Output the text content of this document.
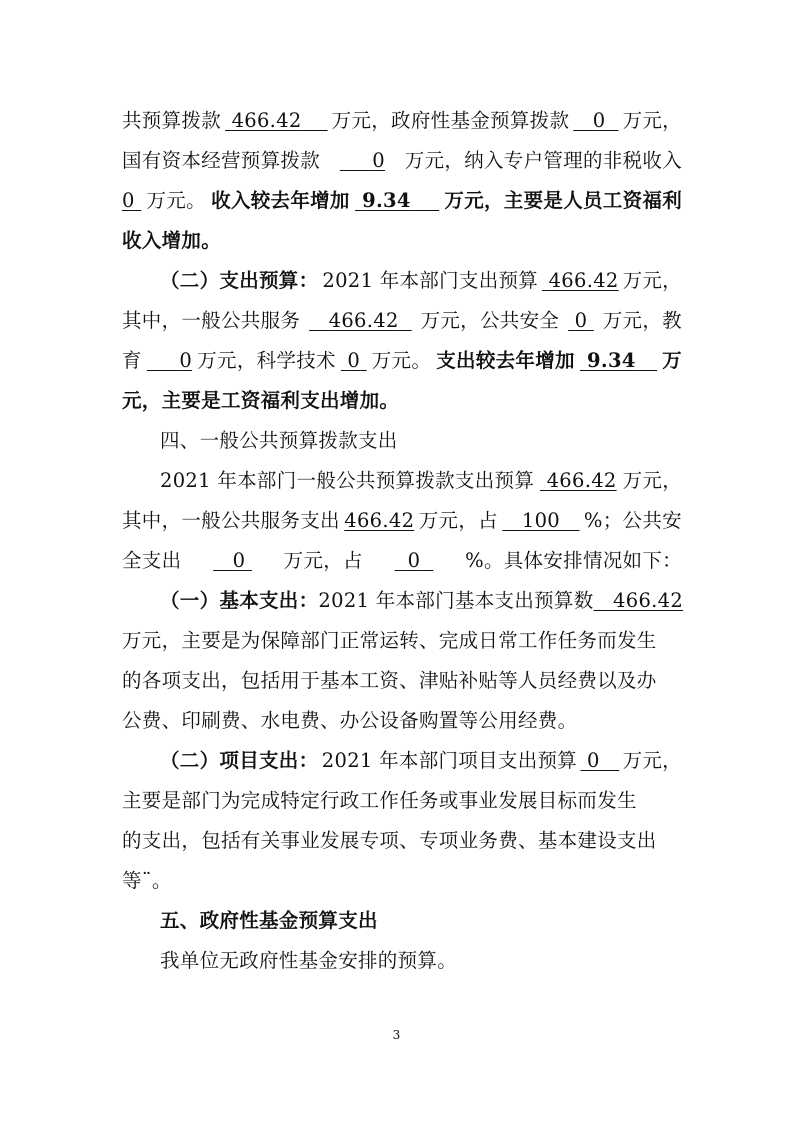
共预算拨款 466.42	万元，政府性基金预算拨款	0 万元，
国有资本经营预算拨款	0 万元，纳入专户管理的非税收入
0 万元。 收入较去年增加 9.34	万元，主要是人员工资福利
收入增加。
（二）支出预算： 2021 年本部门支出预算 466.42 万元，
其中，一般公共服务	466.42	万元，公共安全 0 万元，教
育	0 万元，科学技术 0 万元。 支出较去年增加 9.34	万
元，主要是工资福利支出增加。
四、一般公共预算拨款支出
2021 年本部门一般公共预算拨款支出预算 466.42 万元，
其中，一般公共服务支出 466.42 万元，占	100	%；公共安
全支出	0	万元，占	0	%。具体安排情况如下：
（一）基本支出： 2021 年本部门基本支出预算数	466.42
万元，主要是为保障部门正常运转、完成日常工作任务而发生
的各项支出，包括用于基本工资、津贴补贴等人员经费以及办
公费、印刷费、水电费、办公设备购置等公用经费。
（二）项目支出： 2021 年本部门项目支出预算 0	万元，
主要是部门为完成特定行政工作任务或事业发展目标而发生
的支出，包括有关事业发展专项、专项业务费、基本建设支出
等¨。
五、政府性基金预算支出
我单位无政府性基金安排的预算。
3
